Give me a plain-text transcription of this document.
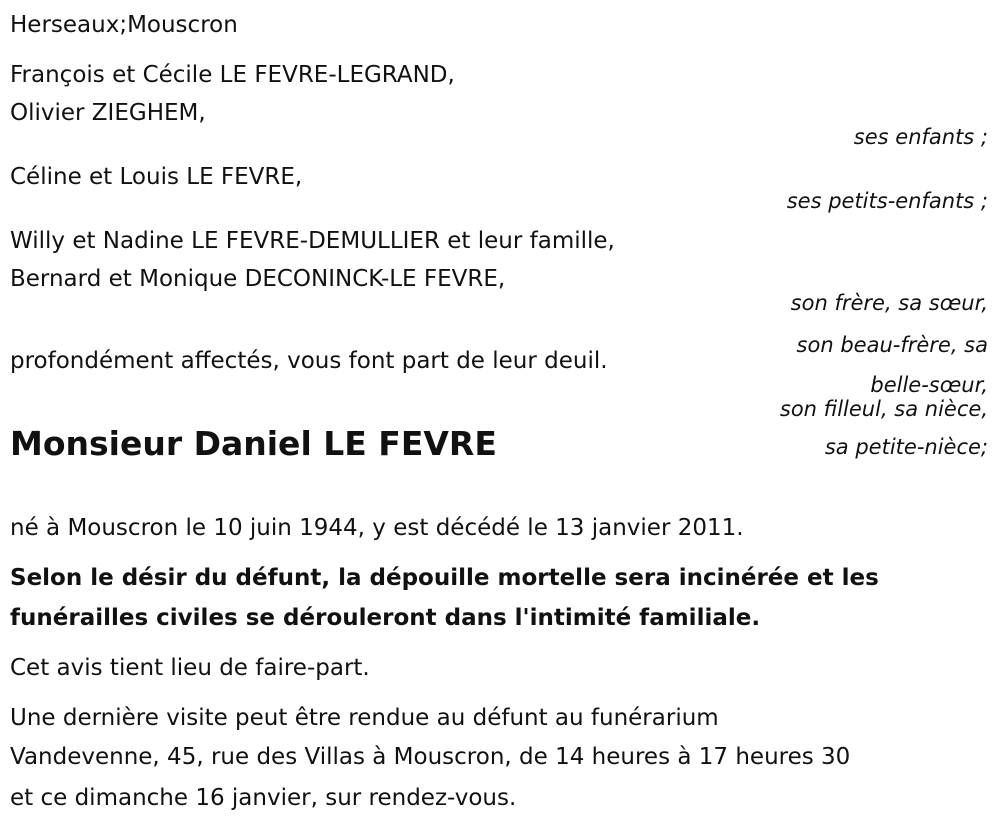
Herseaux;Mouscron
François et Cécile LE FEVRE-LEGRAND,
Olivier ZIEGHEM,
ses enfants ;
Céline et Louis LE FEVRE,
ses petits-enfants ;
Willy et Nadine LE FEVRE-DEMULLIER et leur famille,
Bernard et Monique DECONINCK-LE FEVRE,
son frère, sa sœur,
son beau-frère, sa
belle-sœur,
son filleul, sa nièce,
sa petite-nièce;
profondément affectés, vous font part de leur deuil.
Monsieur Daniel LE FEVRE
né à Mouscron le 10 juin 1944, y est décédé le 13 janvier 2011.
Selon le désir du défunt, la dépouille mortelle sera incinérée et les
funérailles civiles se dérouleront dans l'intimité familiale.
Cet avis tient lieu de faire-part.
Une dernière visite peut être rendue au défunt au funérarium
Vandevenne, 45, rue des Villas à Mouscron, de 14 heures à 17 heures 30
et ce dimanche 16 janvier, sur rendez-vous.
